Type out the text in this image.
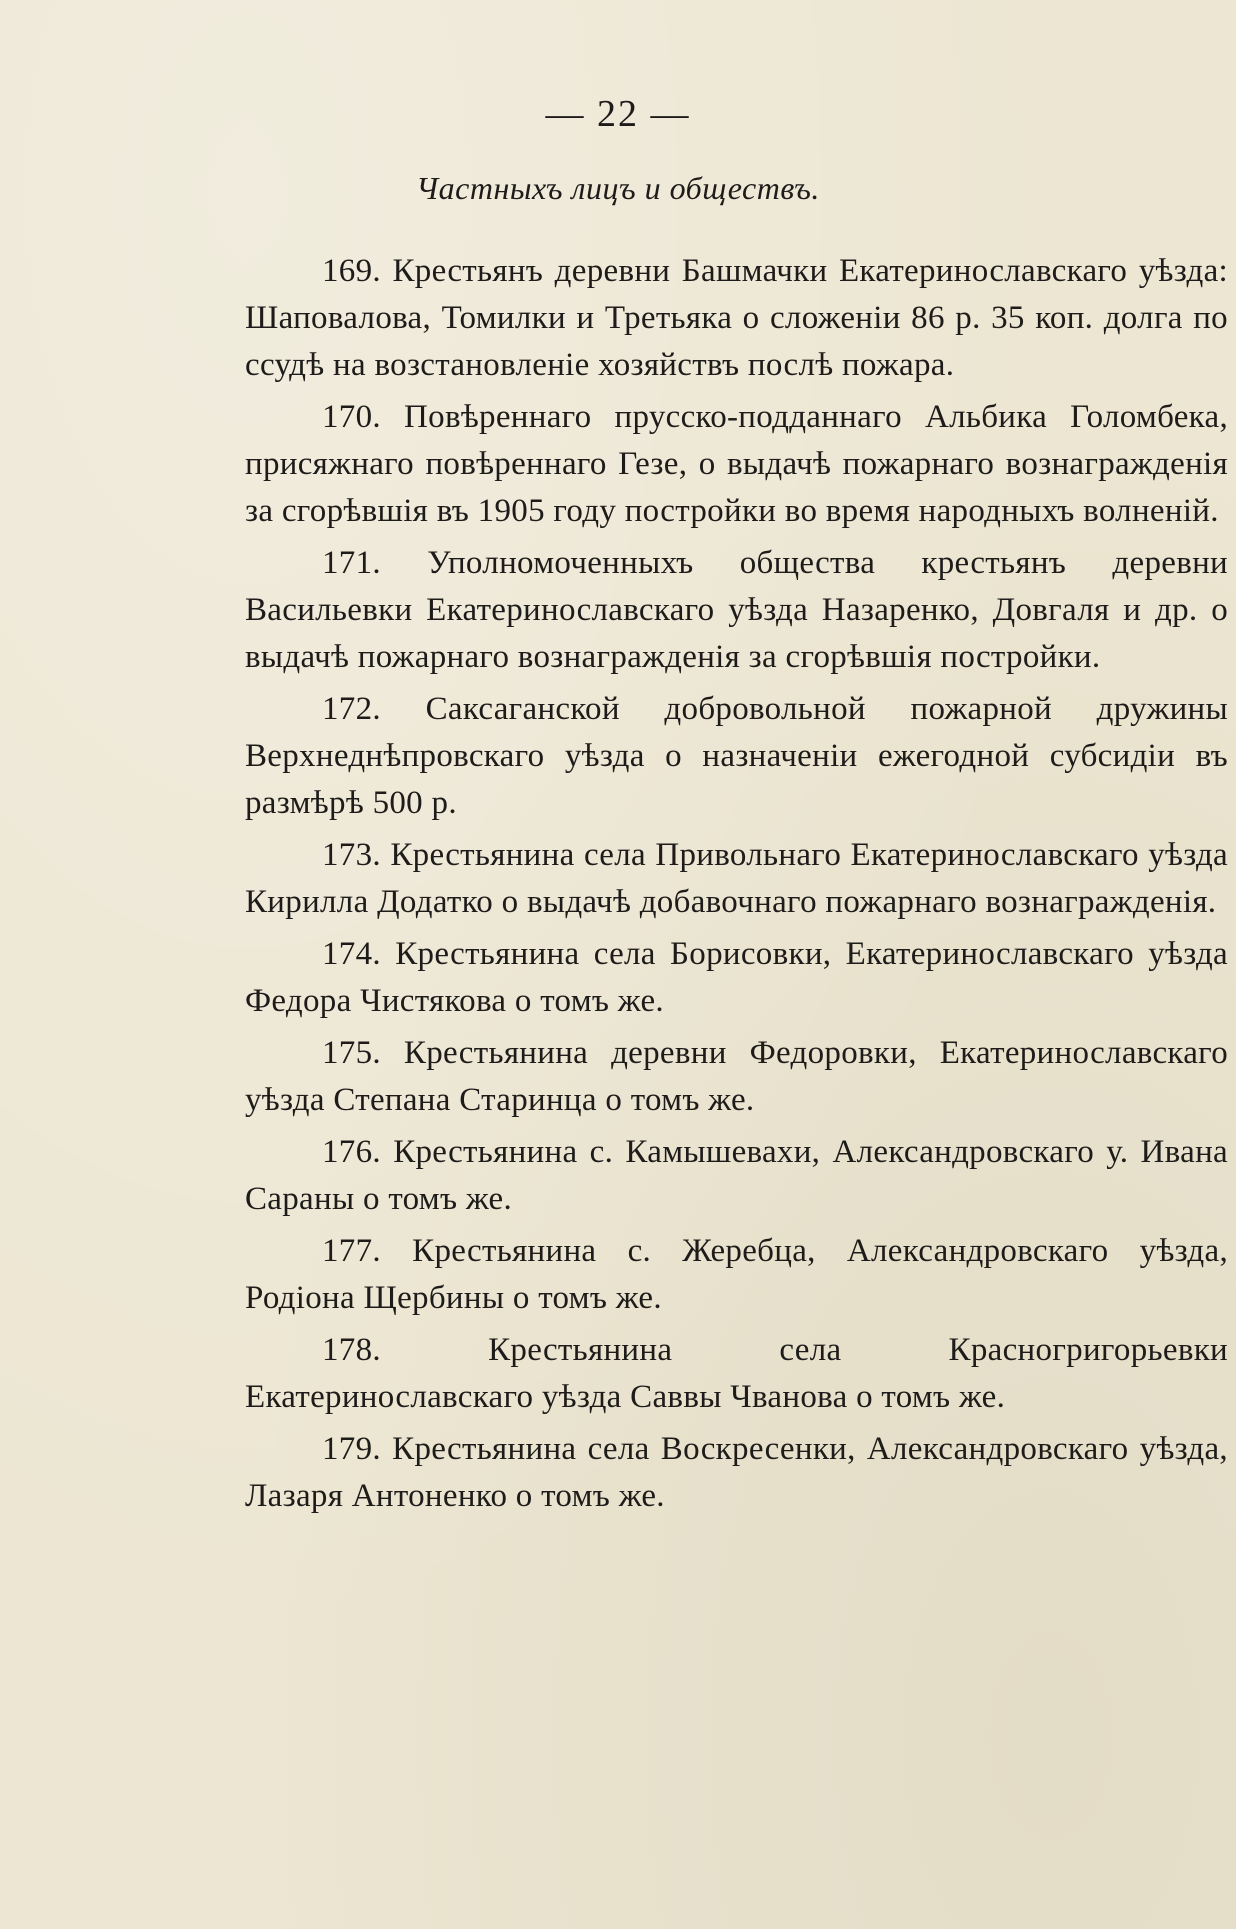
— 22 —
Частныхъ лицъ и обществъ.

169. Крестьянъ деревни Башмачки Екатеринославскаго уѣзда: Шаповалова, Томилки и Третьяка о сложеніи 86 р. 35 коп. долга по ссудѣ на возстановленіе хозяйствъ послѣ пожара.

170. Повѣреннаго прусско-подданнаго Альбика Голомбека, присяжнаго повѣреннаго Гезе, о выдачѣ пожарнаго вознагражденія за сгорѣвшія въ 1905 году постройки во время народныхъ волненій.

171. Уполномоченныхъ общества крестьянъ деревни Васильевки Екатеринославскаго уѣзда Назаренко, Довгаля и др. о выдачѣ пожарнаго вознагражденія за сгорѣвшія постройки.

172. Саксаганской добровольной пожарной дружины Верхнеднѣпровскаго уѣзда о назначеніи ежегодной субсидіи въ размѣрѣ 500 р.

173. Крестьянина села Привольнаго Екатеринославскаго уѣзда Кирилла Додатко о выдачѣ добавочнаго пожарнаго вознагражденія.

174. Крестьянина села Борисовки, Екатеринославскаго уѣзда Федора Чистякова о томъ же.

175. Крестьянина деревни Федоровки, Екатеринославскаго уѣзда Степана Старинца о томъ же.

176. Крестьянина с. Камышевахи, Александровскаго у. Ивана Сараны о томъ же.

177. Крестьянина с. Жеребца, Александровскаго уѣзда, Родіона Щербины о томъ же.

178. Крестьянина села Красногригорьевки Екатеринославскаго уѣзда Саввы Чванова о томъ же.

179. Крестьянина села Воскресенки, Александровскаго уѣзда, Лазаря Антоненко о томъ же.
